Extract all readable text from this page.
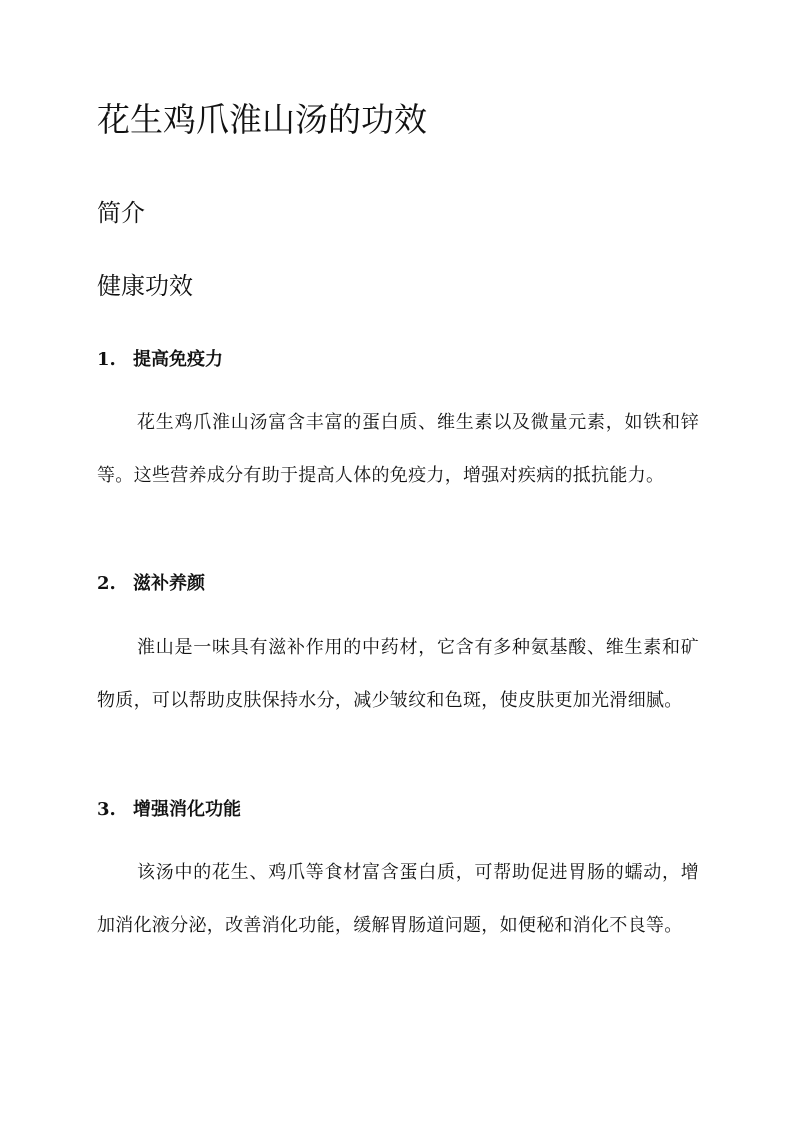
花生鸡爪淮山汤的功效
简介
健康功效
1. 提高免疫力

花生鸡爪淮山汤富含丰富的蛋白质、维生素以及微量元素，如铁和锌等。这些营养成分有助于提高人体的免疫力，增强对疾病的抵抗能力。

2. 滋补养颜

淮山是一味具有滋补作用的中药材，它含有多种氨基酸、维生素和矿物质，可以帮助皮肤保持水分，减少皱纹和色斑，使皮肤更加光滑细腻。

3. 增强消化功能

该汤中的花生、鸡爪等食材富含蛋白质，可帮助促进胃肠的蠕动，增加消化液分泌，改善消化功能，缓解胃肠道问题，如便秘和消化不良等。
